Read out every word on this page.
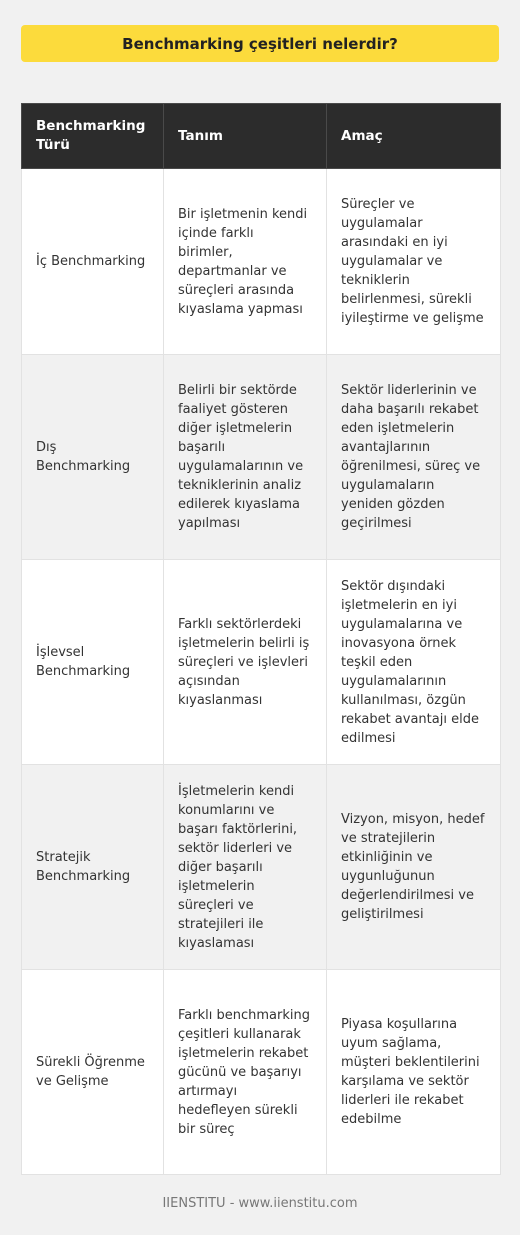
Benchmarking çeşitleri nelerdir?
Benchmarking Türü	Tanım	Amaç
İç Benchmarking	Bir işletmenin kendi içinde farklı birimler, departmanlar ve süreçleri arasında kıyaslama yapması	Süreçler ve uygulamalar arasındaki en iyi uygulamalar ve tekniklerin belirlenmesi, sürekli iyileştirme ve gelişme
Dış Benchmarking	Belirli bir sektörde faaliyet gösteren diğer işletmelerin başarılı uygulamalarının ve tekniklerinin analiz edilerek kıyaslama yapılması	Sektör liderlerinin ve daha başarılı rekabet eden işletmelerin avantajlarının öğrenilmesi, süreç ve uygulamaların yeniden gözden geçirilmesi
İşlevsel Benchmarking	Farklı sektörlerdeki işletmelerin belirli iş süreçleri ve işlevleri açısından kıyaslanması	Sektör dışındaki işletmelerin en iyi uygulamalarına ve inovasyona örnek teşkil eden uygulamalarının kullanılması, özgün rekabet avantajı elde edilmesi
Stratejik Benchmarking	İşletmelerin kendi konumlarını ve başarı faktörlerini, sektör liderleri ve diğer başarılı işletmelerin süreçleri ve stratejileri ile kıyaslaması	Vizyon, misyon, hedef ve stratejilerin etkinliğinin ve uygunluğunun değerlendirilmesi ve geliştirilmesi
Sürekli Öğrenme ve Gelişme	Farklı benchmarking çeşitleri kullanarak işletmelerin rekabet gücünü ve başarıyı artırmayı hedefleyen sürekli bir süreç	Piyasa koşullarına uyum sağlama, müşteri beklentilerini karşılama ve sektör liderleri ile rekabet edebilme
IIENSTITU - www.iienstitu.com
